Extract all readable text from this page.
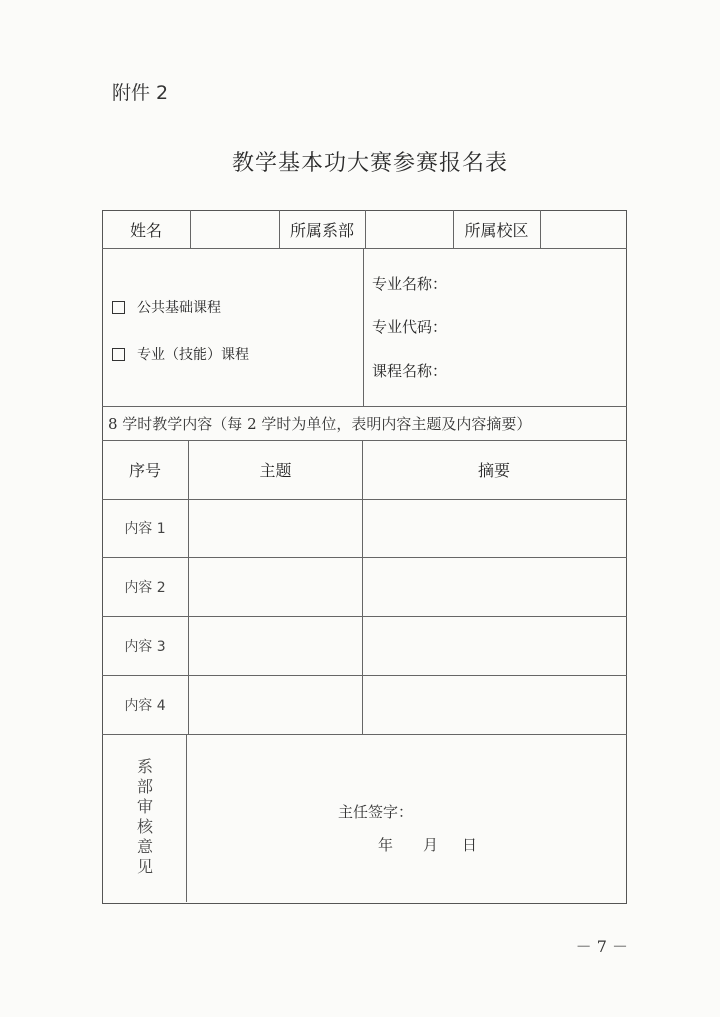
附件 2
教学基本功大赛参赛报名表
姓名	所属系部	所属校区
公共基础课程
专业（技能）课程
专业名称：
专业代码：
课程名称：
8 学时教学内容（每 2 学时为单位，表明内容主题及内容摘要）
序号	主题	摘要
内容 1
内容 2
内容 3
内容 4
系部审核意见	主任签字：
年 月 日
－ 7 －
